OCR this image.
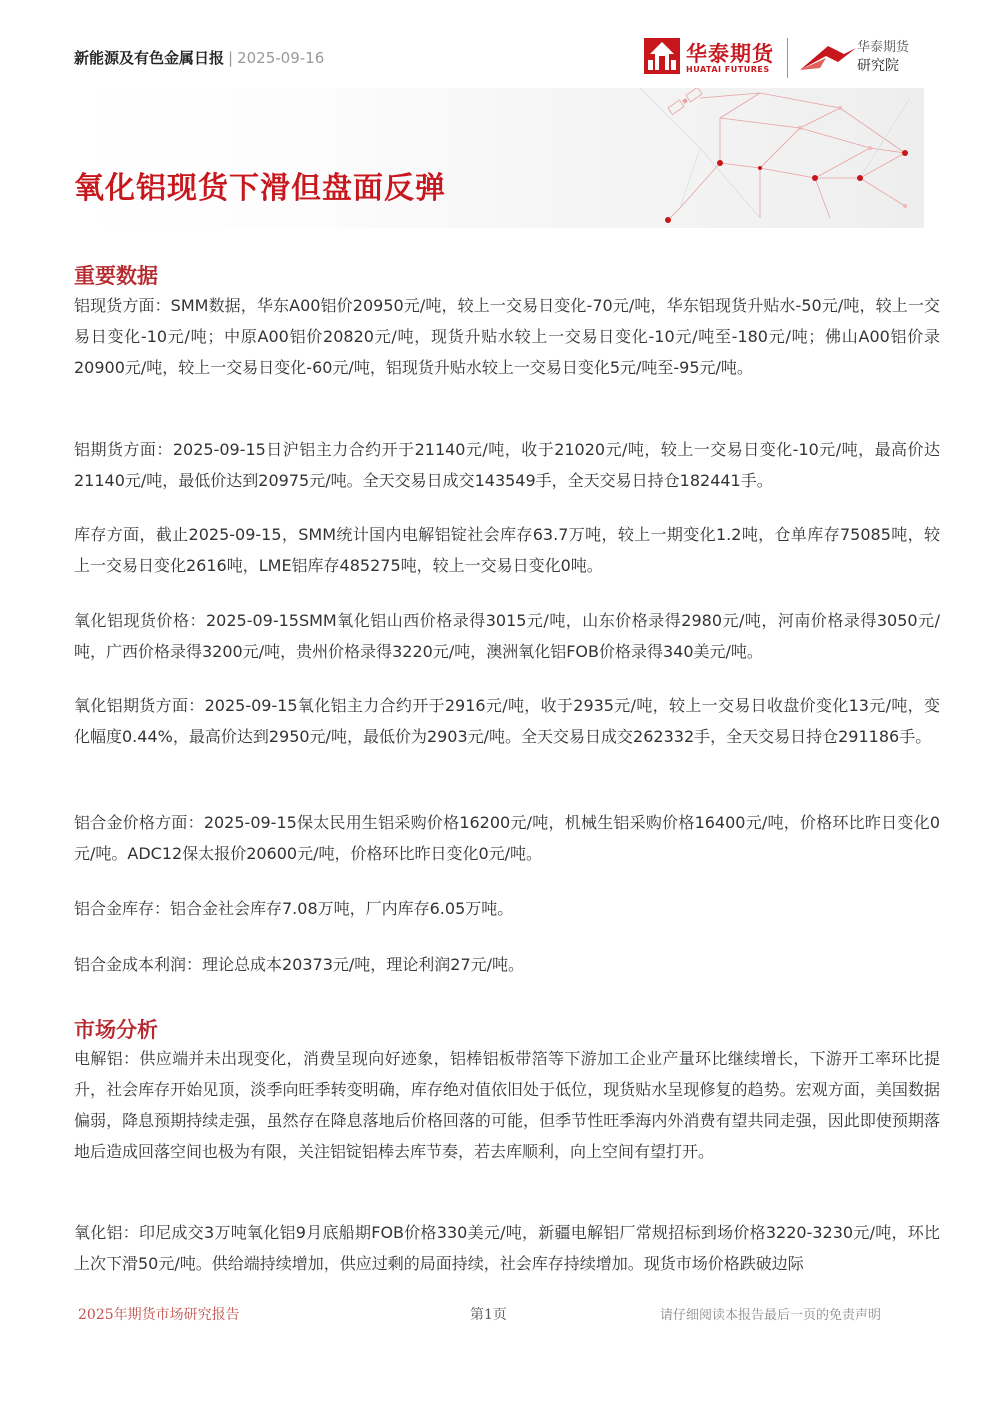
新能源及有色金属日报 | 2025-09-16	华泰期货
HUATAI FUTURES
华泰期货
研究院
氧化铝现货下滑但盘面反弹
重要数据
铝现货方面：SMM数据，华东A00铝价20950元/吨，较上一交易日变化-70元/吨，华东铝现货升贴水-50元/吨，较上一交易日变化-10元/吨；中原A00铝价20820元/吨，现货升贴水较上一交易日变化-10元/吨至-180元/吨；佛山A00铝价录20900元/吨，较上一交易日变化-60元/吨，铝现货升贴水较上一交易日变化5元/吨至-95元/吨。
铝期货方面：2025-09-15日沪铝主力合约开于21140元/吨，收于21020元/吨，较上一交易日变化-10元/吨，最高价达21140元/吨，最低价达到20975元/吨。全天交易日成交143549手，全天交易日持仓182441手。
库存方面，截止2025-09-15，SMM统计国内电解铝锭社会库存63.7万吨，较上一期变化1.2吨，仓单库存75085吨，较上一交易日变化2616吨，LME铝库存485275吨，较上一交易日变化0吨。
氧化铝现货价格：2025-09-15SMM氧化铝山西价格录得3015元/吨，山东价格录得2980元/吨，河南价格录得3050元/吨，广西价格录得3200元/吨，贵州价格录得3220元/吨，澳洲氧化铝FOB价格录得340美元/吨。
氧化铝期货方面：2025-09-15氧化铝主力合约开于2916元/吨，收于2935元/吨，较上一交易日收盘价变化13元/吨，变化幅度0.44%，最高价达到2950元/吨，最低价为2903元/吨。全天交易日成交262332手，全天交易日持仓291186手。
铝合金价格方面：2025-09-15保太民用生铝采购价格16200元/吨，机械生铝采购价格16400元/吨，价格环比昨日变化0元/吨。ADC12保太报价20600元/吨，价格环比昨日变化0元/吨。
铝合金库存：铝合金社会库存7.08万吨，厂内库存6.05万吨。
铝合金成本利润：理论总成本20373元/吨，理论利润27元/吨。
市场分析
电解铝：供应端并未出现变化，消费呈现向好迹象，铝棒铝板带箔等下游加工企业产量环比继续增长，下游开工率环比提升，社会库存开始见顶，淡季向旺季转变明确，库存绝对值依旧处于低位，现货贴水呈现修复的趋势。宏观方面，美国数据偏弱，降息预期持续走强，虽然存在降息落地后价格回落的可能，但季节性旺季海内外消费有望共同走强，因此即使预期落地后造成回落空间也极为有限，关注铝锭铝棒去库节奏，若去库顺利，向上空间有望打开。
氧化铝：印尼成交3万吨氧化铝9月底船期FOB价格330美元/吨，新疆电解铝厂常规招标到场价格3220-3230元/吨，环比上次下滑50元/吨。供给端持续增加，供应过剩的局面持续，社会库存持续增加。现货市场价格跌破边际
2025年期货市场研究报告	第1页	请仔细阅读本报告最后一页的免责声明
